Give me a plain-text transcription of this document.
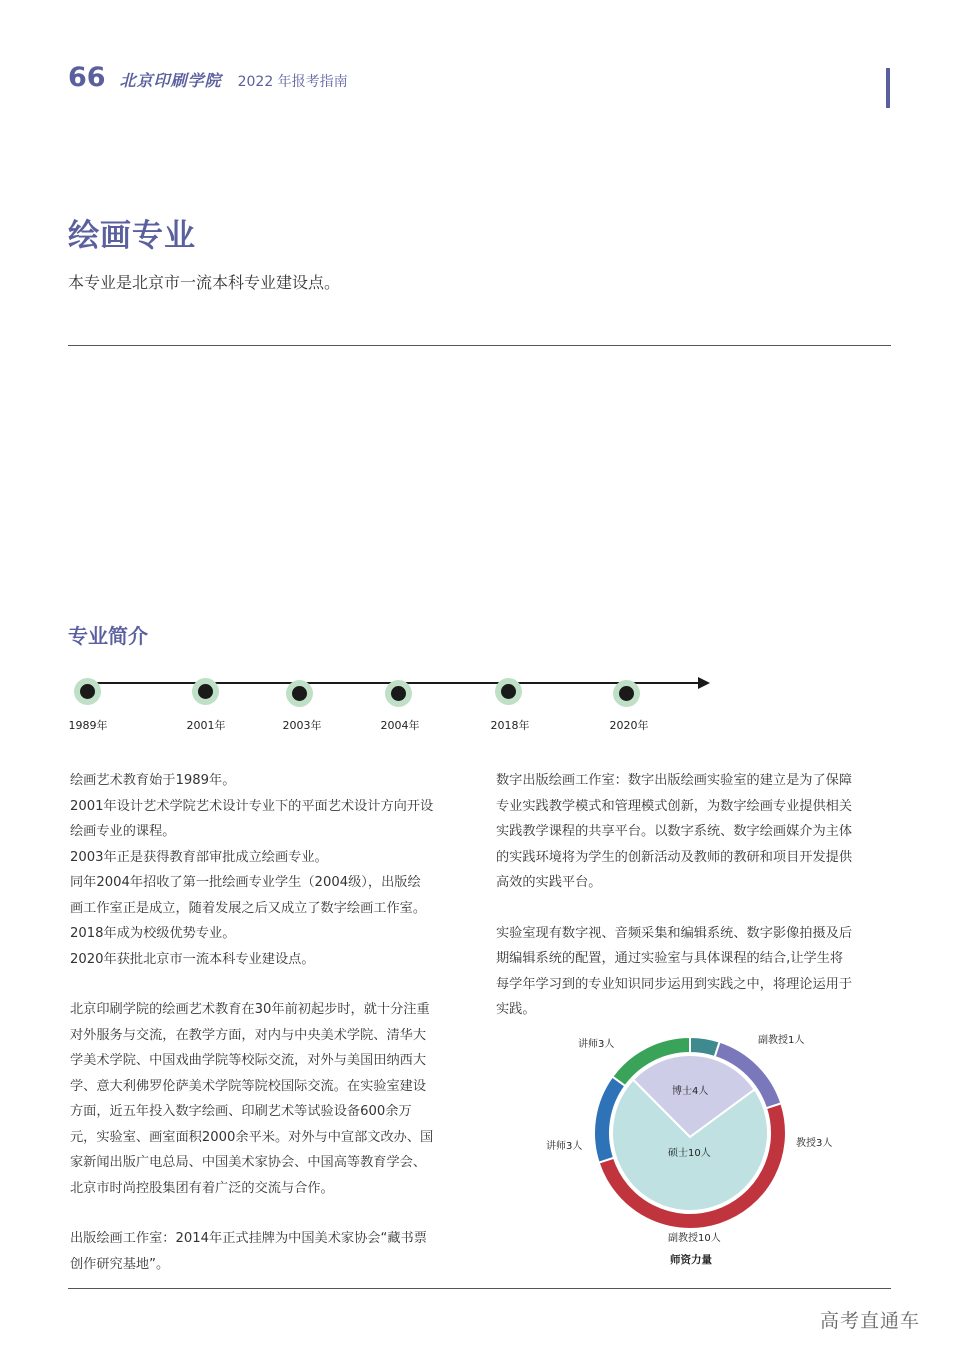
66 北京印刷学院 2022 年报考指南
绘画专业
本专业是北京市一流本科专业建设点。
专业简介
1989年	2001年	2003年	2004年	2018年	2020年

绘画艺术教育始于1989年。

2001年设计艺术学院艺术设计专业下的平面艺术设计方向开设

绘画专业的课程。

2003年正是获得教育部审批成立绘画专业。

同年2004年招收了第一批绘画专业学生（2004级），出版绘

画工作室正是成立，随着发展之后又成立了数字绘画工作室。

2018年成为校级优势专业。

2020年获批北京市一流本科专业建设点。

北京印刷学院的绘画艺术教育在30年前初起步时，就十分注重

对外服务与交流，在教学方面，对内与中央美术学院、清华大

学美术学院、中国戏曲学院等校际交流，对外与美国田纳西大

学、意大利佛罗伦萨美术学院等院校国际交流。在实验室建设

方面，近五年投入数字绘画、印刷艺术等试验设备600余万

元，实验室、画室面积2000余平米。对外与中宣部文改办、国

家新闻出版广电总局、中国美术家协会、中国高等教育学会、

北京市时尚控股集团有着广泛的交流与合作。

出版绘画工作室：2014年正式挂牌为中国美术家协会“藏书票

创作研究基地”。

数字出版绘画工作室：数字出版绘画实验室的建立是为了保障

专业实践教学模式和管理模式创新，为数字绘画专业提供相关

实践教学课程的共享平台。以数字系统、数字绘画媒介为主体

的实践环境将为学生的创新活动及教师的教研和项目开发提供

高效的实践平台。

实验室现有数字视、音频采集和编辑系统、数字影像拍摄及后

期编辑系统的配置，通过实验室与具体课程的结合,让学生将

每学年学习到的专业知识同步运用到实践之中，将理论运用于

实践。

讲师3人	副教授1人
教授3人
副教授10人
讲师3人
博士4人
硕士10人
师资力量
高考直通车
